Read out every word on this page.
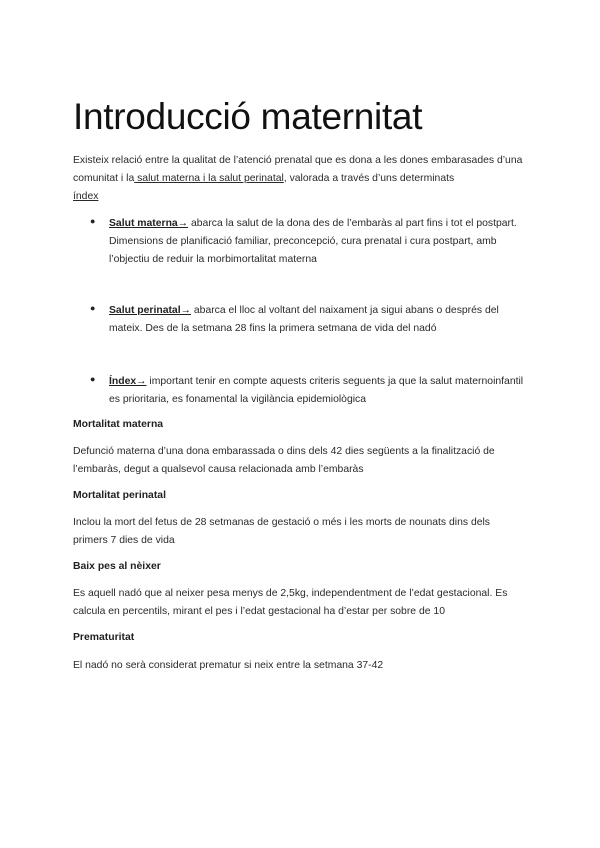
Introducció maternitat

Existeix relació entre la qualitat de l’atenció prenatal que es dona a les dones embarasades d’una comunitat i la salut materna i la salut perinatal, valorada a través d’uns determinats
índex

● Salut materna→ abarca la salut de la dona des de l’embaràs al part fins i tot el postpart. Dimensions de planificació familiar, preconcepció, cura prenatal i cura postpart, amb l’objectiu de reduir la morbimortalitat materna

● Salut perinatal→ abarca el lloc al voltant del naixament ja sigui abans o després del mateix. Des de la setmana 28 fins la primera setmana de vida del nadó

● Índex→ important tenir en compte aquests criteris seguents ja que la salut maternoinfantil es prioritaria, es fonamental la vigilància epidemiològica

Mortalitat materna

Defunció materna d’una dona embarassada o dins dels 42 dies següents a la finalització de l’embaràs, degut a qualsevol causa relacionada amb l’embaràs

Mortalitat perinatal

Inclou la mort del fetus de 28 setmanas de gestació o més i les morts de nounats dins dels primers 7 dies de vida

Baix pes al nèixer

Es aquell nadó que al neixer pesa menys de 2,5kg, independentment de l’edat gestacional. Es calcula en percentils, mirant el pes i l’edat gestacional ha d’estar per sobre de 10

Prematuritat

El nadó no serà considerat prematur si neix entre la setmana 37-42
